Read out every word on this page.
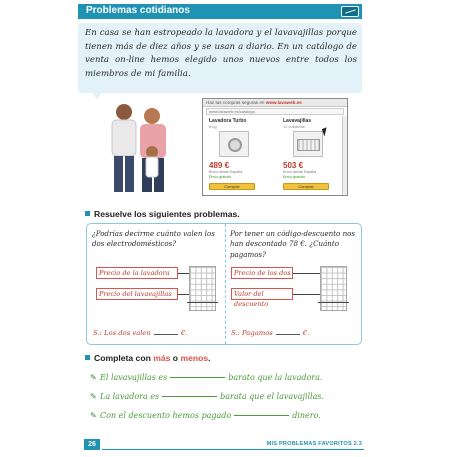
Problemas cotidianos
En casa se han estropeado la lavadora y el lavavajillas porque tienen más de diez años y se usan a diario. En un catálogo de venta on-line hemos elegido unos nuevos entre todos los miembros de mi familia.
Haz tus compras seguras en www.lavaweb.es
www.lavaweb.es/catalogo
Lavadora Turbo
8 kg
489 €
Envío desde España
Envío gratuito
Comprar
Lavavajillas
12 cubiertos
503 €
Envío desde España
Envío gratuito
Comprar
Resuelve los siguientes problemas.
¿Podrías decirme cuánto valen los dos electrodomésticos?
Precio de la lavadora
Precio del lavavajillas
S.: Los dos valen	€.
Por tener un código-descuento nos han descontado 78 €. ¿Cuánto pagamos?
Precio de los dos
Valor del descuento
S.: Pagamos	€.
Completa con más o menos.
✎ El lavavajillas es	barato que la lavadora.
✎ La lavadora es	barata que el lavavajillas.
✎ Con el descuento hemos pagado	dinero.
26	MIS PROBLEMAS FAVORITOS 2.3
